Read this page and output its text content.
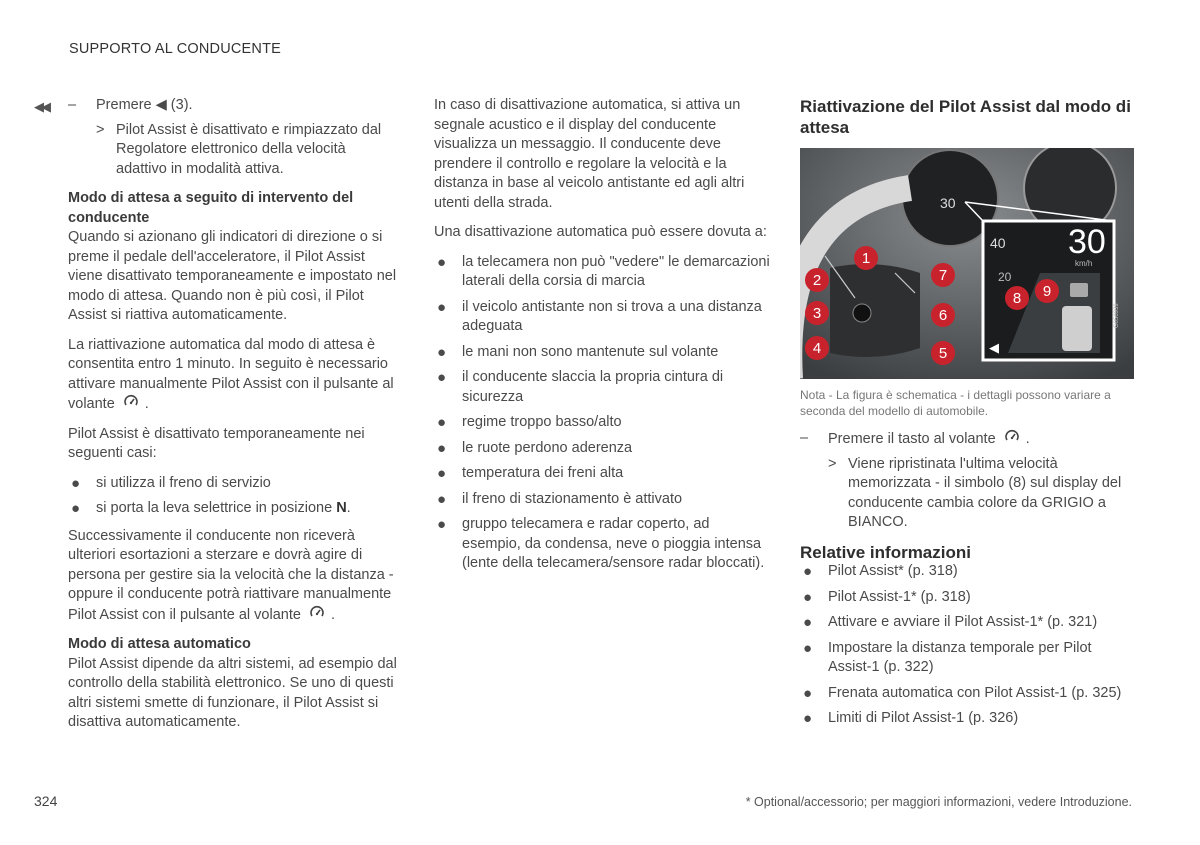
SUPPORTO AL CONDUCENTE
◀◀ – Premere ◀ (3).
> Pilot Assist è disattivato e rimpiazzato dal Regolatore elettronico della velocità adattivo in modalità attiva.

Modo di attesa a seguito di intervento del conducente

Quando si azionano gli indicatori di direzione o si preme il pedale dell'acceleratore, il Pilot Assist viene disattivato temporaneamente e impostato nel modo di attesa. Quando non è più così, il Pilot Assist si riattiva automaticamente.

La riattivazione automatica dal modo di attesa è consentita entro 1 minuto. In seguito è necessario attivare manualmente Pilot Assist con il pulsante al volante .

Pilot Assist è disattivato temporaneamente nei seguenti casi:

● si utilizza il freno di servizio
● si porta la leva selettrice in posizione N.

Successivamente il conducente non riceverà ulteriori esortazioni a sterzare e dovrà agire di persona per gestire sia la velocità che la distanza - oppure il conducente potrà riattivare manualmente Pilot Assist con il pulsante al volante .

Modo di attesa automatico

Pilot Assist dipende da altri sistemi, ad esempio dal controllo della stabilità elettronico. Se uno di questi altri sistemi smette di funzionare, il Pilot Assist si disattiva automaticamente.

In caso di disattivazione automatica, si attiva un segnale acustico e il display del conducente visualizza un messaggio. Il conducente deve prendere il controllo e regolare la velocità e la distanza in base al veicolo antistante ed agli altri utenti della strada.

Una disattivazione automatica può essere dovuta a:

● la telecamera non può "vedere" le demarcazioni laterali della corsia di marcia
● il veicolo antistante non si trova a una distanza adeguata
● le mani non sono mantenute sul volante
● il conducente slaccia la propria cintura di sicurezza
● regime troppo basso/alto
● le ruote perdono aderenza
● temperatura dei freni alta
● il freno di stazionamento è attivato
● gruppo telecamera e radar coperto, ad esempio, da condensa, neve o pioggia intensa (lente della telecamera/sensore radar bloccati).

Riattivazione del Pilot Assist dal modo di attesa

30
30
km/h
40
20
◀
G050939
1
2
3
4	5
6
7
8 9

Nota - La figura è schematica - i dettagli possono variare a seconda del modello di automobile.

– Premere il tasto al volante .
> Viene ripristinata l'ultima velocità memorizzata - il simbolo (8) sul display del conducente cambia colore da GRIGIO a BIANCO.

Relative informazioni

● Pilot Assist* (p. 318)
● Pilot Assist-1* (p. 318)
● Attivare e avviare il Pilot Assist-1* (p. 321)
● Impostare la distanza temporale per Pilot Assist-1 (p. 322)
● Frenata automatica con Pilot Assist-1 (p. 325)
● Limiti di Pilot Assist-1 (p. 326)
324	* Optional/accessorio; per maggiori informazioni, vedere Introduzione.
